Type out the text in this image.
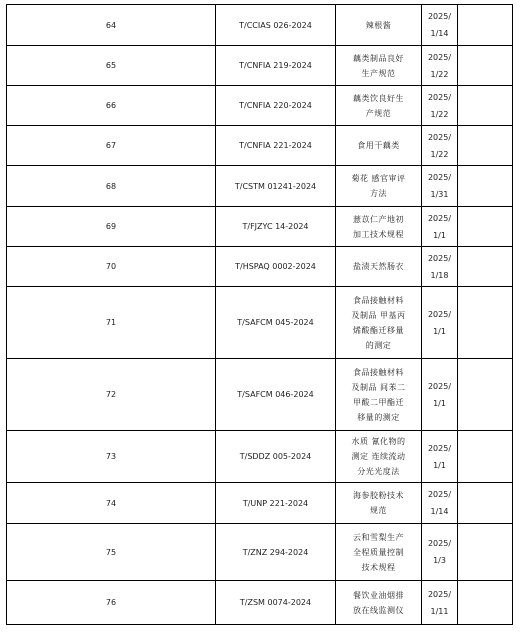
64	T/CCIAS 026-2024	辣根酱	2025/
1/14	
65	T/CNFIA 219-2024	藕类制品良好
生产规范	2025/
1/22	
66	T/CNFIA 220-2024	藕类饮良好生
产规范	2025/
1/22	
67	T/CNFIA 221-2024	食用干藕类	2025/
1/22	
68	T/CSTM 01241-2024	菊花 感官审评
方法	2025/
1/31	
69	T/FJZYC 14-2024	薏苡仁产地初
加工技术规程	2025/
1/1	
70	T/HSPAQ 0002-2024	盐渍天然肠衣	2025/
1/18	
71	T/SAFCM 045-2024	食品接触材料
及制品 甲基丙
烯酸酯迁移量
的测定	2025/
1/1	
72	T/SAFCM 046-2024	食品接触材料
及制品 间苯二
甲酸二甲酯迁
移量的测定	2025/
1/1	
73	T/SDDZ 005-2024	水质 氰化物的
测定 连续流动
分光光度法	2025/
1/1	
74	T/UNP 221-2024	海参胶粉技术
规范	2025/
1/14	
75	T/ZNZ 294-2024	云和雪梨生产
全程质量控制
技术规程	2025/
1/3	
76	T/ZSM 0074-2024	餐饮业油烟排
放在线监测仪	2025/
1/11	
